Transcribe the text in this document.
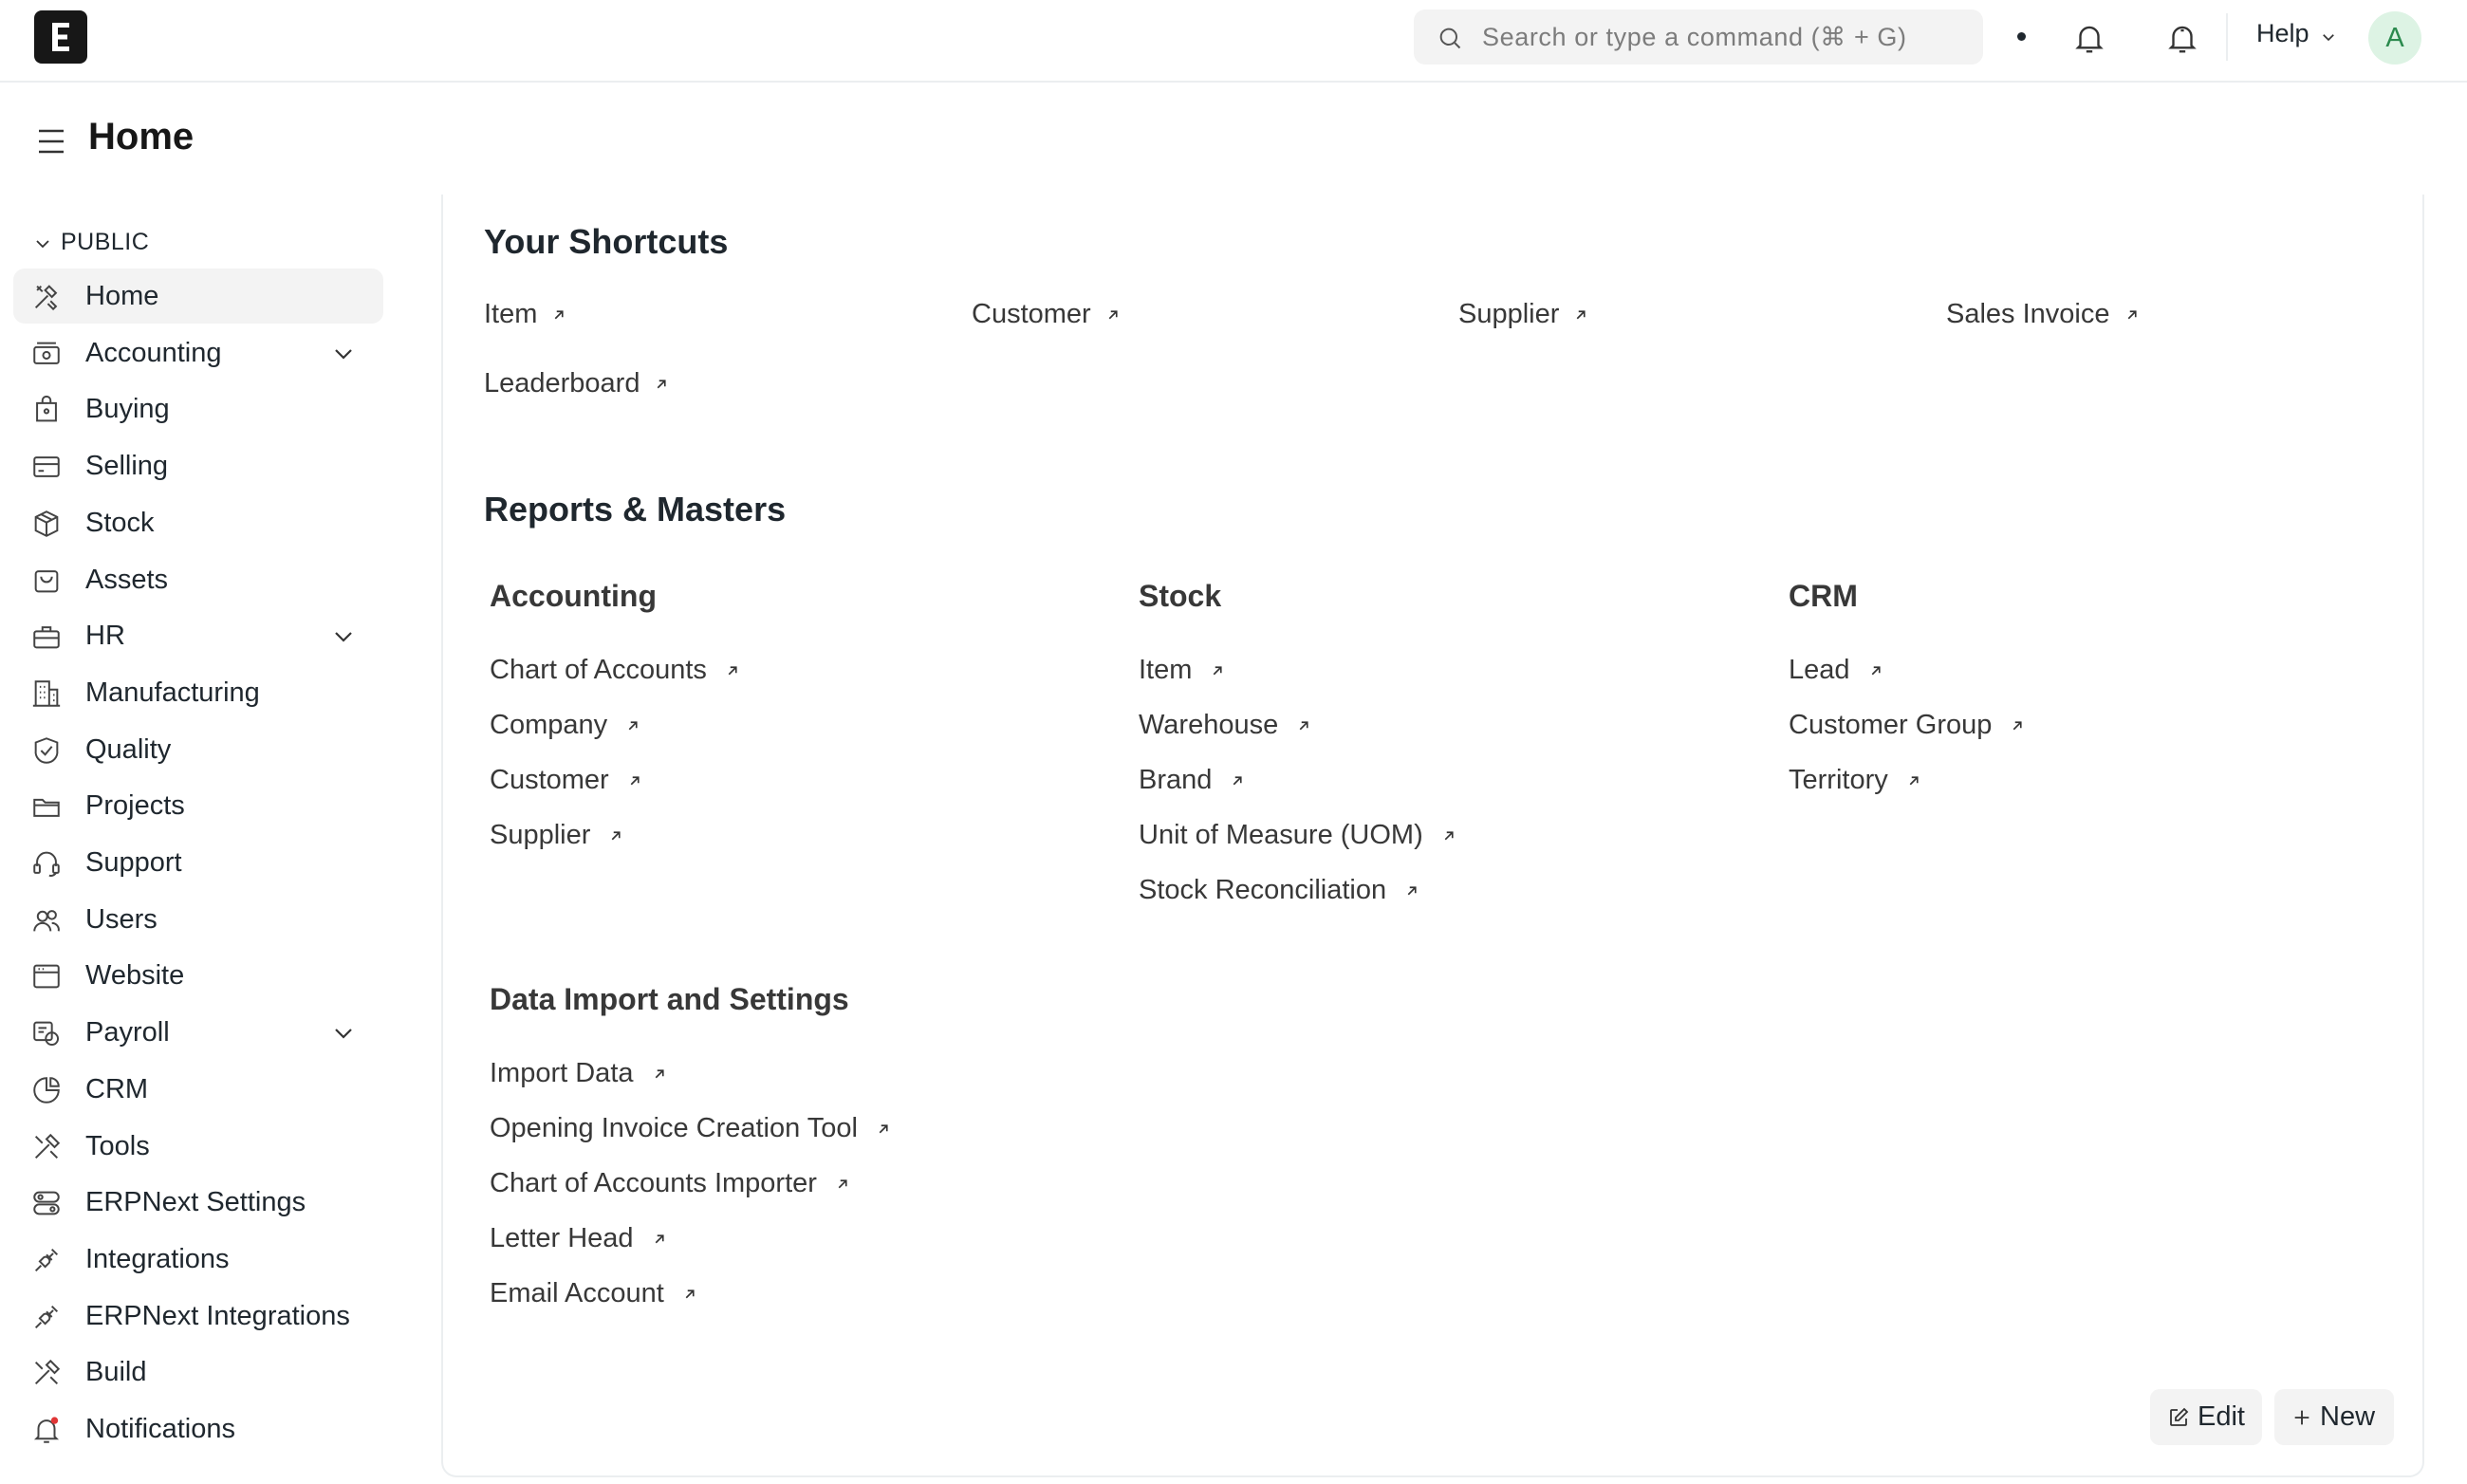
Search or type a command (⌘ + G)	Help	A
Home
PUBLIC
Home
Accounting
Buying
Selling
Stock
Assets
HR
Manufacturing
Quality
Projects
Support
Users
Website
Payroll
CRM
Tools
ERPNext Settings
Integrations
ERPNext Integrations
Build
Notifications
Your Shortcuts
Item	Customer	Supplier	Sales Invoice
Leaderboard
Reports & Masters
Accounting
Chart of Accounts
Company
Customer
Supplier
Stock
Item
Warehouse
Brand
Unit of Measure (UOM)
Stock Reconciliation
CRM
Lead
Customer Group
Territory
Data Import and Settings
Import Data
Opening Invoice Creation Tool
Chart of Accounts Importer
Letter Head
Email Account
Edit	New
